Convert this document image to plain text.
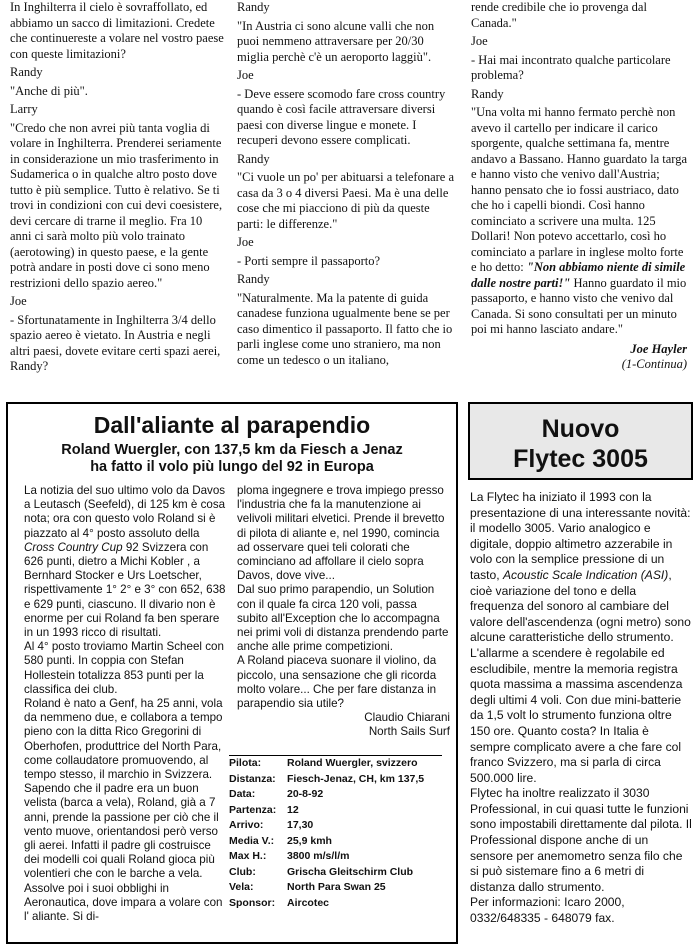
In Inghilterra il cielo è sovraffollato, ed abbiamo un sacco di limitazioni. Credete che continuereste a volare nel vostro paese con queste limitazioni?

Randy

"Anche di più".

Larry

"Credo che non avrei più tanta voglia di volare in Inghilterra. Prenderei seriamente in considerazione un mio trasferimento in Sudamerica o in qualche altro posto dove tutto è più semplice. Tutto è relativo. Se ti trovi in condizioni con cui devi coesistere, devi cercare di trarne il meglio. Fra 10 anni ci sarà molto più volo trainato (aerotowing) in questo paese, e la gente potrà andare in posti dove ci sono meno restrizioni dello spazio aereo."

Joe

- Sfortunatamente in Inghilterra 3/4 dello spazio aereo è vietato. In Austria e negli altri paesi, dovete evitare certi spazi aerei, Randy?

Randy

"In Austria ci sono alcune valli che non puoi nemmeno attraversare per 20/30 miglia perchè c'è un aeroporto laggiù".

Joe

- Deve essere scomodo fare cross country quando è così facile attraversare diversi paesi con diverse lingue e monete. I recuperi devono essere complicati.

Randy

"Ci vuole un po' per abituarsi a telefonare a casa da 3 o 4 diversi Paesi. Ma è una delle cose che mi piacciono di più da queste parti: le differenze."

Joe

- Porti sempre il passaporto?

Randy

"Naturalmente. Ma la patente di guida canadese funziona ugualmente bene se per caso dimentico il passaporto. Il fatto che io parli inglese come uno straniero, ma non come un tedesco o un italiano,

rende credibile che io provenga dal Canada."

Joe

- Hai mai incontrato qualche particolare problema?

Randy

"Una volta mi hanno fermato perchè non avevo il cartello per indicare il carico sporgente, qualche settimana fa, mentre andavo a Bassano. Hanno guardato la targa e hanno visto che venivo dall'Austria; hanno pensato che io fossi austriaco, dato che ho i capelli biondi. Così hanno cominciato a scrivere una multa. 125 Dollari! Non potevo accettarlo, così ho cominciato a parlare in inglese molto forte e ho detto: "Non abbiamo niente di simile dalle nostre parti!" Hanno guardato il mio passaporto, e hanno visto che venivo dal Canada. Si sono consultati per un minuto poi mi hanno lasciato andare."

Joe Hayler
(1-Continua)
Dall'aliante al parapendio
Roland Wuergler, con 137,5 km da Fiesch a Jenaz
ha fatto il volo più lungo del 92 in Europa

La notizia del suo ultimo volo da Davos a Leutasch (Seefeld), di 125 km è cosa nota; ora con questo volo Roland si è piazzato al 4° posto assoluto della Cross Country Cup 92 Svizzera con 626 punti, dietro a Michi Kobler , a Bernhard Stocker e Urs Loetscher, rispettivamente 1° 2° e 3° con 652, 638 e 629 punti, ciascuno. Il divario non è enorme per cui Roland fa ben sperare in un 1993 ricco di risultati.

Al 4° posto troviamo Martin Scheel con 580 punti. In coppia con Stefan Hollestein totalizza 853 punti per la classifica dei club.

Roland è nato a Genf, ha 25 anni, vola da nemmeno due, e collabora a tempo pieno con la ditta Rico Gregorini di Oberhofen, produttrice del North Para, come collaudatore promuovendo, al tempo stesso, il marchio in Svizzera. Sapendo che il padre era un buon velista (barca a vela), Roland, già a 7 anni, prende la passione per ciò che il vento muove, orientandosi però verso gli aerei. Infatti il padre gli costruisce dei modelli coi quali Roland gioca più volentieri che con le barche a vela. Assolve poi i suoi obblighi in Aeronautica, dove impara a volare con l' aliante. Si di-

ploma ingegnere e trova impiego presso l'industria che fa la manutenzione ai velivoli militari elvetici. Prende il brevetto di pilota di aliante e, nel 1990, comincia ad osservare quei teli colorati che cominciano ad affollare il cielo sopra Davos, dove vive...

Dal suo primo parapendio, un Solution con il quale fa circa 120 voli, passa subito all'Exception che lo accompagna nei primi voli di distanza prendendo parte anche alle prime competizioni.

A Roland piaceva suonare il violino, da piccolo, una sensazione che gli ricorda molto volare... Che per fare distanza in parapendio sia utile?

Claudio Chiarani
North Sails Surf
Pilota:	Roland Wuergler, svizzero
Distanza:	Fiesch-Jenaz, CH, km 137,5
Data:	20-8-92
Partenza:	12
Arrivo:	17,30
Media V.:	25,9 kmh
Max H.:	3800 m/s/l/m
Club:	Grischa Gleitschirm Club
Vela:	North Para Swan 25
Sponsor:	Aircotec
Nuovo
Flytec 3005

La Flytec ha iniziato il 1993 con la presentazione di una interessante novità: il modello 3005. Vario analogico e digitale, doppio altimetro azzerabile in volo con la semplice pressione di un tasto, Acoustic Scale Indication (ASI), cioè variazione del tono e della frequenza del sonoro al cambiare del valore dell'ascendenza (ogni metro) sono alcune caratteristiche dello strumento. L'allarme a scendere è regolabile ed escludibile, mentre la memoria registra quota massima a massima ascendenza degli ultimi 4 voli. Con due mini-batterie da 1,5 volt lo strumento funziona oltre 150 ore. Quanto costa? In Italia è sempre complicato avere a che fare col franco Svizzero, ma si parla di circa 500.000 lire.

Flytec ha inoltre realizzato il 3030 Professional, in cui quasi tutte le funzioni sono impostabili direttamente dal pilota. Il Professional dispone anche di un sensore per anemometro senza filo che si può sistemare fino a 6 metri di distanza dallo strumento.

Per informazioni: Icaro 2000, 0332/648335 - 648079 fax.
